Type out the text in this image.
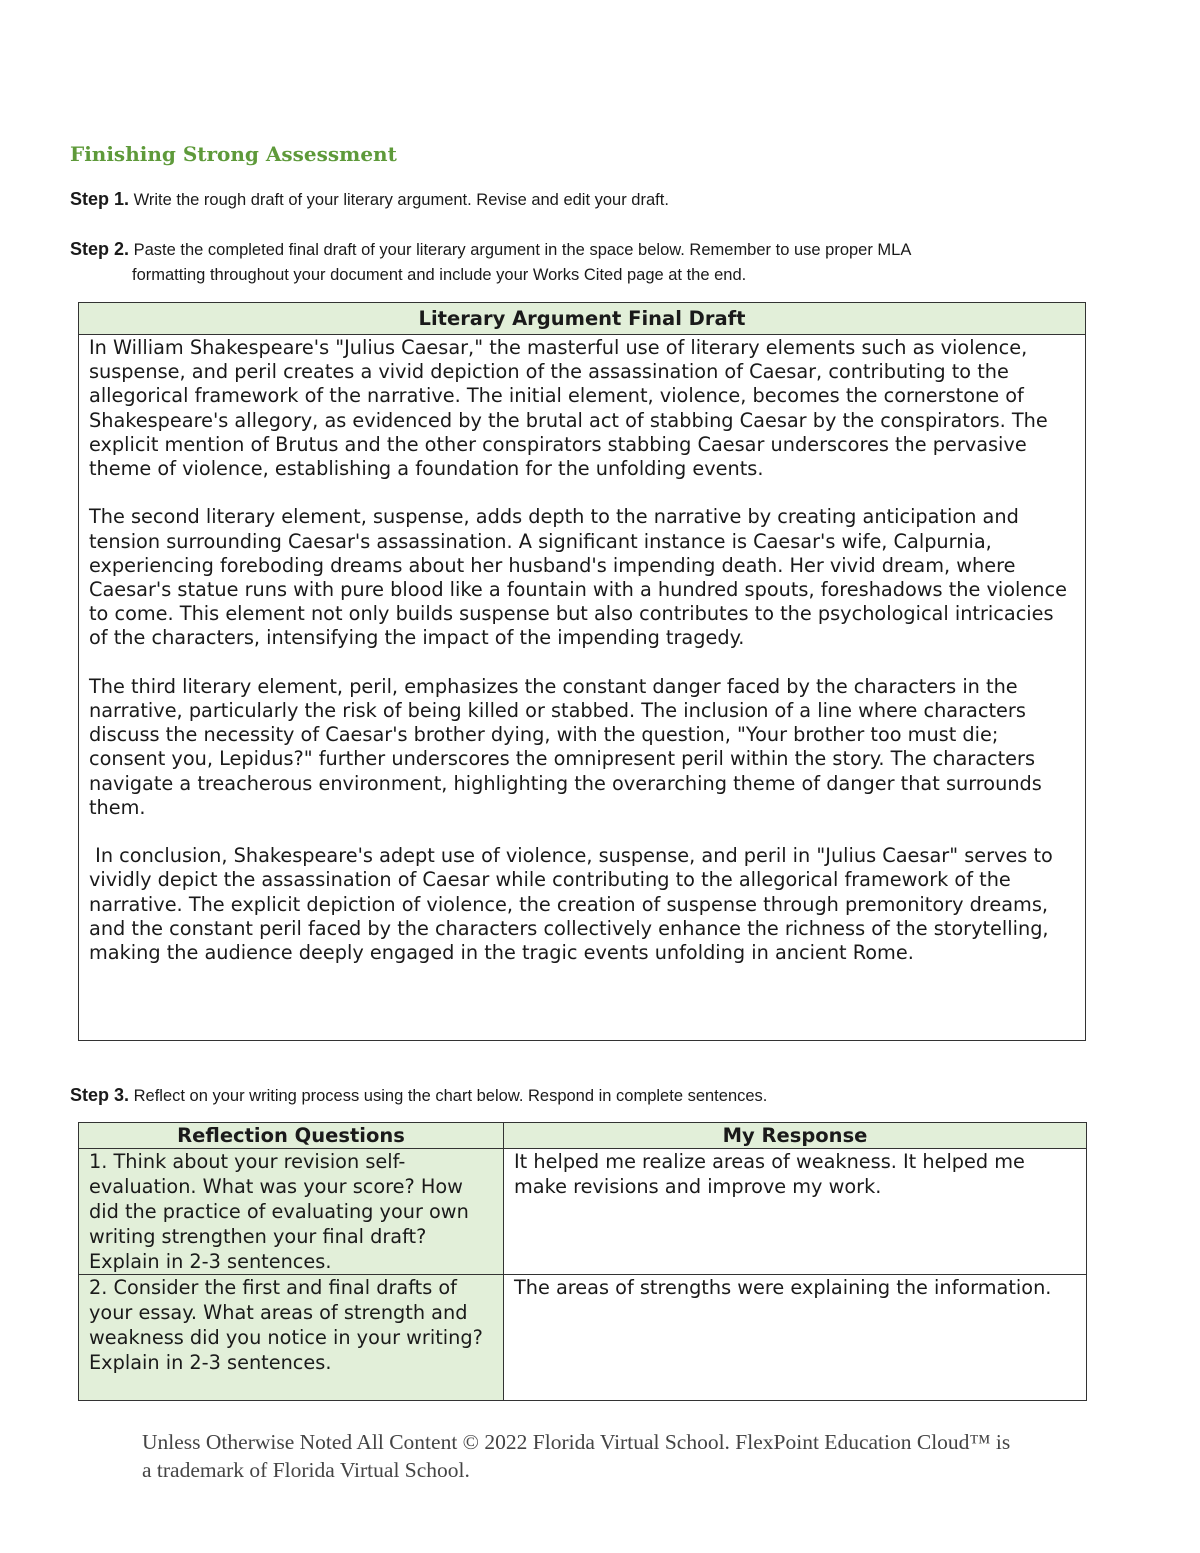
Finishing Strong Assessment

Step 1. Write the rough draft of your literary argument. Revise and edit your draft.

Step 2. Paste the completed final draft of your literary argument in the space below. Remember to use proper MLA
formatting throughout your document and include your Works Cited page at the end.

Literary Argument Final Draft

In William Shakespeare's "Julius Caesar," the masterful use of literary elements such as violence, suspense, and peril creates a vivid depiction of the assassination of Caesar, contributing to the allegorical framework of the narrative. The initial element, violence, becomes the cornerstone of Shakespeare's allegory, as evidenced by the brutal act of stabbing Caesar by the conspirators. The explicit mention of Brutus and the other conspirators stabbing Caesar underscores the pervasive theme of violence, establishing a foundation for the unfolding events.

The second literary element, suspense, adds depth to the narrative by creating anticipation and tension surrounding Caesar's assassination. A significant instance is Caesar's wife, Calpurnia, experiencing foreboding dreams about her husband's impending death. Her vivid dream, where Caesar's statue runs with pure blood like a fountain with a hundred spouts, foreshadows the violence to come. This element not only builds suspense but also contributes to the psychological intricacies of the characters, intensifying the impact of the impending tragedy.

The third literary element, peril, emphasizes the constant danger faced by the characters in the narrative, particularly the risk of being killed or stabbed. The inclusion of a line where characters discuss the necessity of Caesar's brother dying, with the question, "Your brother too must die; consent you, Lepidus?" further underscores the omnipresent peril within the story. The characters navigate a treacherous environment, highlighting the overarching theme of danger that surrounds them.

In conclusion, Shakespeare's adept use of violence, suspense, and peril in "Julius Caesar" serves to vividly depict the assassination of Caesar while contributing to the allegorical framework of the narrative. The explicit depiction of violence, the creation of suspense through premonitory dreams, and the constant peril faced by the characters collectively enhance the richness of the storytelling, making the audience deeply engaged in the tragic events unfolding in ancient Rome.

Step 3. Reflect on your writing process using the chart below. Respond in complete sentences.

Reflection Questions	My Response
1. Think about your revision self-evaluation. What was your score? How did the practice of evaluating your own writing strengthen your final draft? Explain in 2-3 sentences.	It helped me realize areas of weakness. It helped me make revisions and improve my work.
2. Consider the first and final drafts of your essay. What areas of strength and weakness did you notice in your writing? Explain in 2-3 sentences.	The areas of strengths were explaining the information.

Unless Otherwise Noted All Content © 2022 Florida Virtual School. FlexPoint Education Cloud™ is a trademark of Florida Virtual School.
